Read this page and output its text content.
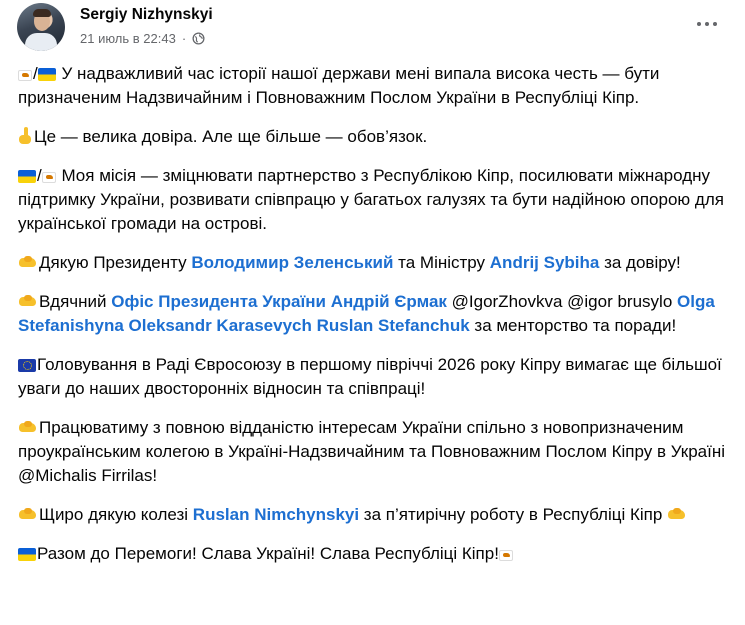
Sergiy Nizhynskyi
21 июль в 22:43 ·
/ У надважливий час історії нашої держави мені випала висока честь — бути призначеним Надзвичайним і Повноважним Послом України в Республіці Кіпр.
Це — велика довіра. Але ще більше — обов’язок.
/ Моя місія — зміцнювати партнерство з Республікою Кіпр, посилювати міжнародну підтримку України, розвивати співпрацю у багатьох галузях та бути надійною опорою для української громади на острові.
Дякую Президенту Володимир Зеленський та Міністру Andrij Sybiha за довіру!
Вдячний Офіс Президента України Андрій Єрмак @IgorZhovkva @igor brusylo Olga Stefanishyna Oleksandr Karasevych Ruslan Stefanchuk за менторство та поради!
Головування в Раді Євросоюзу в першому півріччі 2026 року Кіпру вимагає ще більшої уваги до наших двосторонніх відносин та співпраці!
Працюватиму з повною відданістю інтересам України спільно з новопризначеним проукраїнським колегою в Україні-Надзвичайним та Повноважним Послом Кіпру в Україні @Michalis Firrilas!
Щиро дякую колезі Ruslan Nimchynskyi за п’ятирічну роботу в Республіці Кіпр
Разом до Перемоги! Слава Україні! Слава Республіці Кіпр!
